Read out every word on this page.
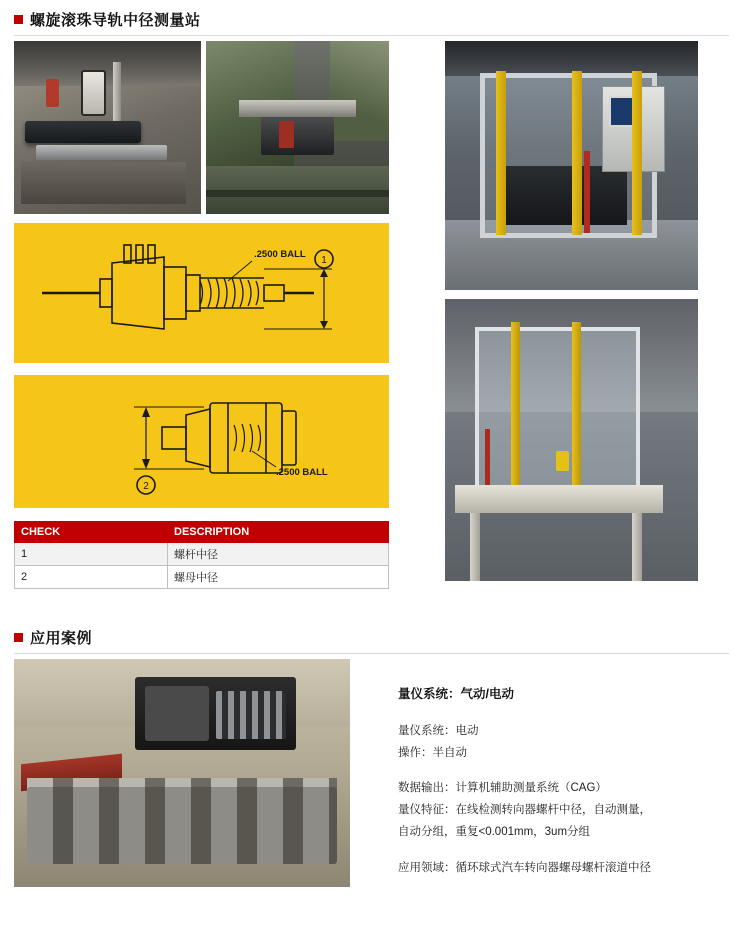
螺旋滚珠导轨中径测量站
.2500 BALL
1
2
.2500 BALL
CHECK	DESCRIPTION
1	螺杆中径
2	螺母中径
应用案例
量仪系统：气动/电动
量仪系统：电动
操作：半自动
数据输出：计算机辅助测量系统（CAG）
量仪特征：在线检测转向器螺杆中径，自动测量，
自动分组，重复<0.001mm，3um分组
应用领域：循环球式汽车转向器螺母螺杆滚道中径
